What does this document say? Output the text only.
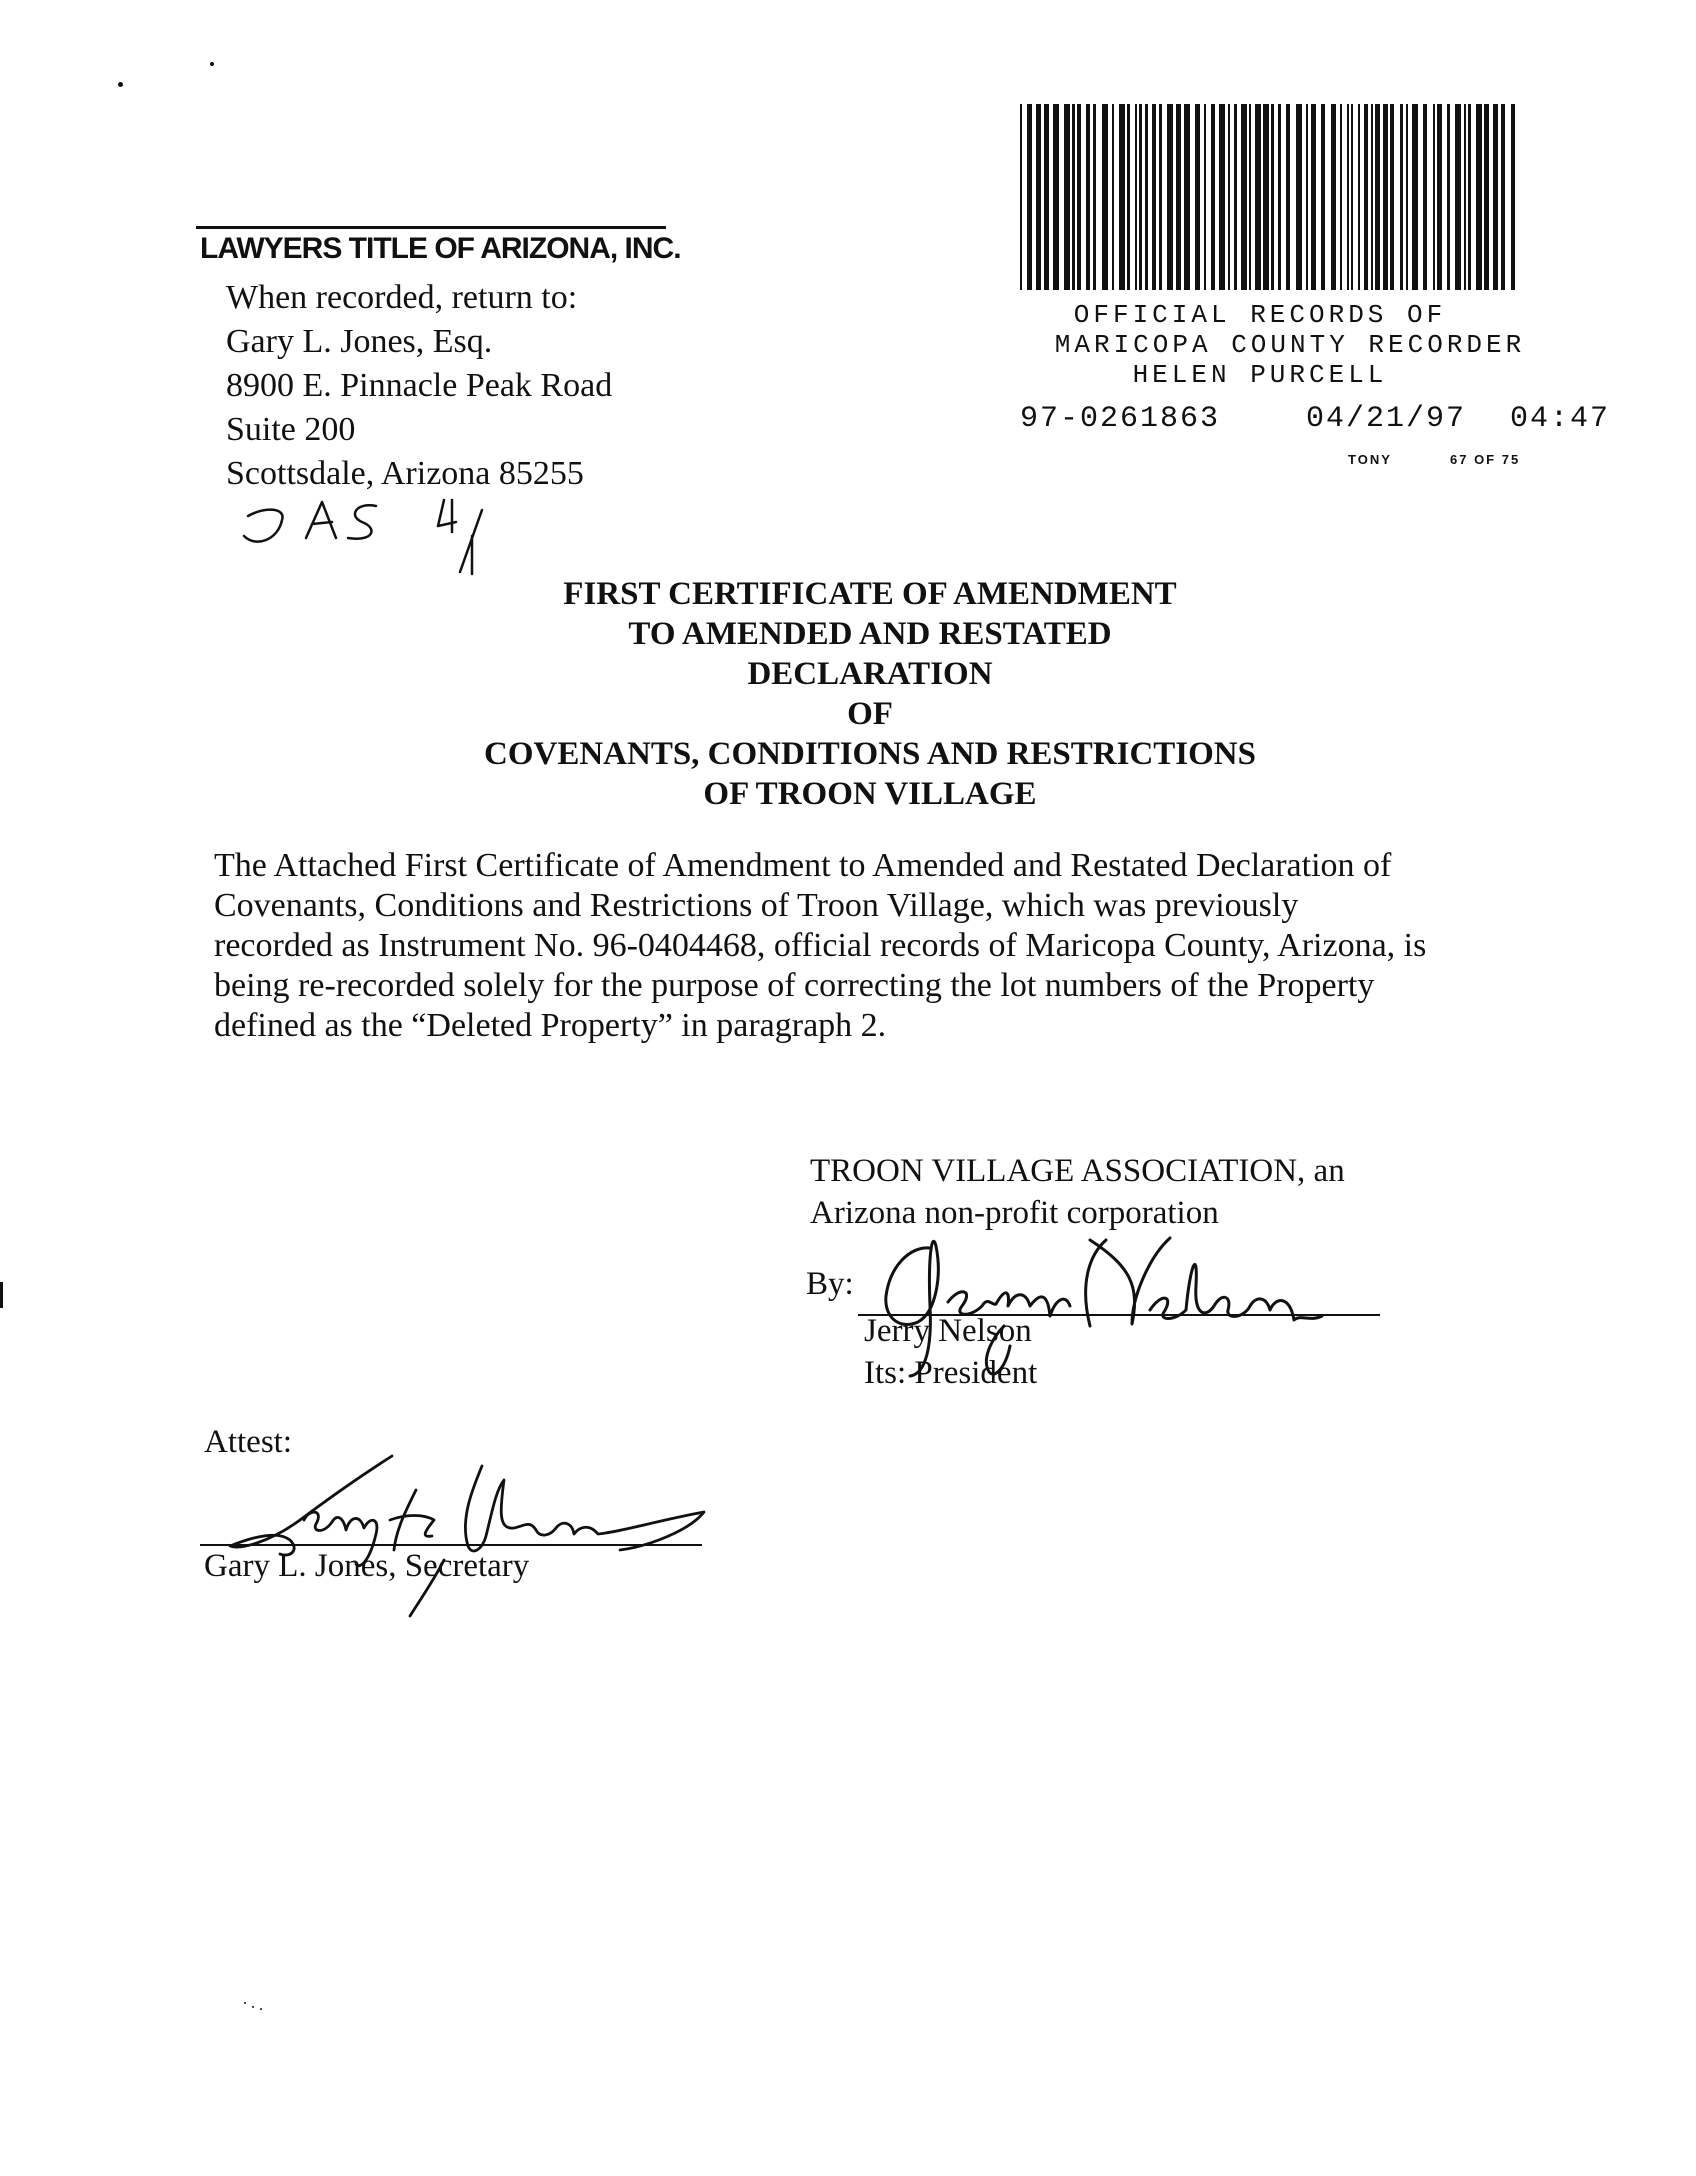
LAWYERS TITLE OF ARIZONA, INC.
When recorded, return to:
Gary L. Jones, Esq.
8900 E. Pinnacle Peak Road
Suite 200
Scottsdale, Arizona 85255
OFFICIAL RECORDS OF
MARICOPA COUNTY RECORDER
HELEN PURCELL
97-0261863	04/21/97 04:47
TONY	67 OF 75
FIRST CERTIFICATE OF AMENDMENT
TO AMENDED AND RESTATED
DECLARATION
OF
COVENANTS, CONDITIONS AND RESTRICTIONS
OF TROON VILLAGE
The Attached First Certificate of Amendment to Amended and Restated Declaration of
Covenants, Conditions and Restrictions of Troon Village, which was previously
recorded as Instrument No. 96-0404468, official records of Maricopa County, Arizona, is
being re-recorded solely for the purpose of correcting the lot numbers of the Property
defined as the “Deleted Property” in paragraph 2.
TROON VILLAGE ASSOCIATION, an
Arizona non-profit corporation
By:
Jerry Nelson
Its: President
Attest:
Gary L. Jones, Secretary
